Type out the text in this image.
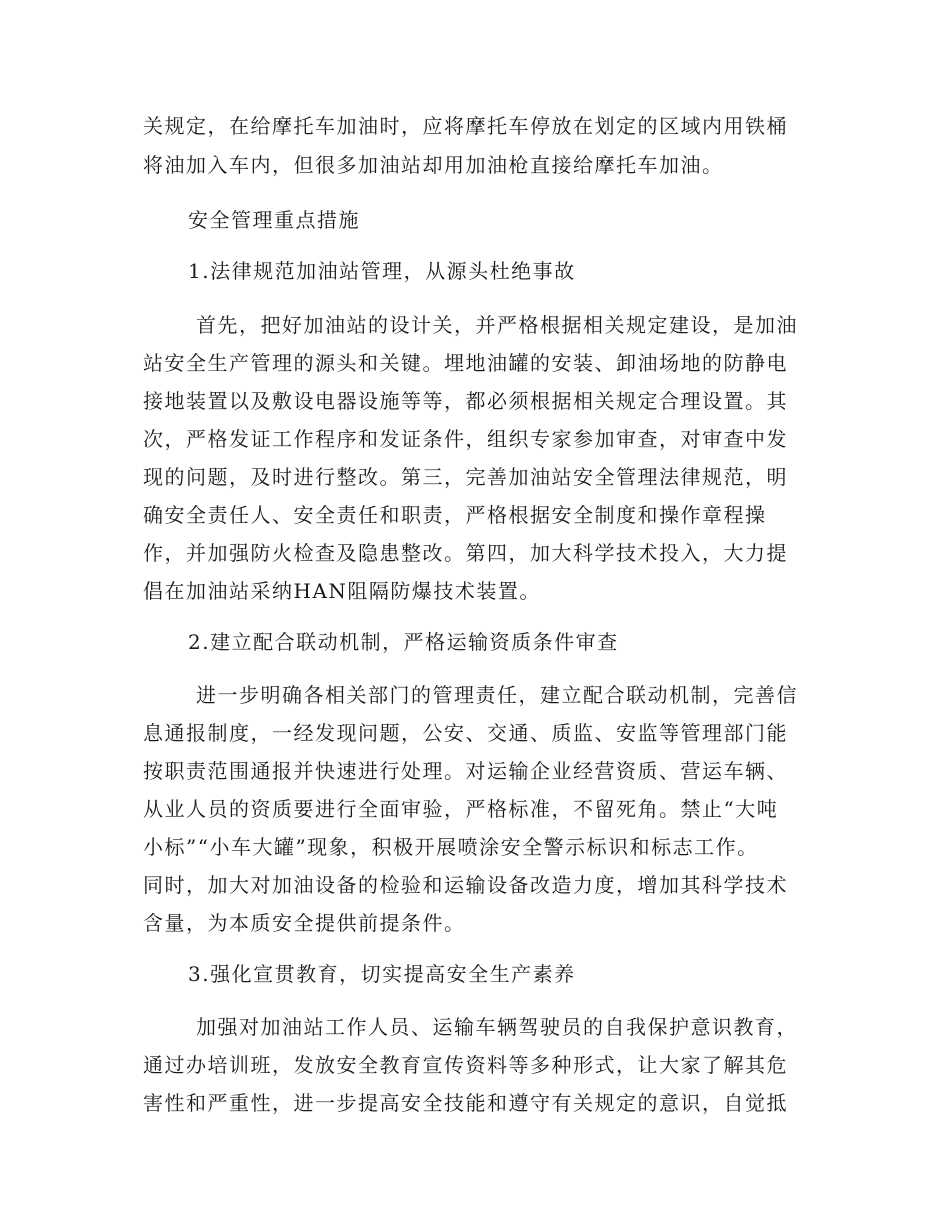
关规定，在给摩托车加油时，应将摩托车停放在划定的区域内用铁桶
将油加入车内，但很多加油站却用加油枪直接给摩托车加油。
安全管理重点措施
1.法律规范加油站管理，从源头杜绝事故
首先，把好加油站的设计关，并严格根据相关规定建设，是加油
站安全生产管理的源头和关键。埋地油罐的安装、卸油场地的防静电
接地装置以及敷设电器设施等等，都必须根据相关规定合理设置。其
次，严格发证工作程序和发证条件，组织专家参加审查，对审查中发
现的问题，及时进行整改。第三，完善加油站安全管理法律规范，明
确安全责任人、安全责任和职责，严格根据安全制度和操作章程操
作，并加强防火检查及隐患整改。第四，加大科学技术投入，大力提
倡在加油站采纳HAN阻隔防爆技术装置。
2.建立配合联动机制，严格运输资质条件审查
进一步明确各相关部门的管理责任，建立配合联动机制，完善信
息通报制度，一经发现问题，公安、交通、质监、安监等管理部门能
按职责范围通报并快速进行处理。对运输企业经营资质、营运车辆、
从业人员的资质要进行全面审验，严格标准，不留死角。禁止“大吨
小标”“小车大罐”现象，积极开展喷涂安全警示标识和标志工作。
同时，加大对加油设备的检验和运输设备改造力度，增加其科学技术
含量，为本质安全提供前提条件。
3.强化宣贯教育，切实提高安全生产素养
加强对加油站工作人员、运输车辆驾驶员的自我保护意识教育，
通过办培训班，发放安全教育宣传资料等多种形式，让大家了解其危
害性和严重性，进一步提高安全技能和遵守有关规定的意识，自觉抵
